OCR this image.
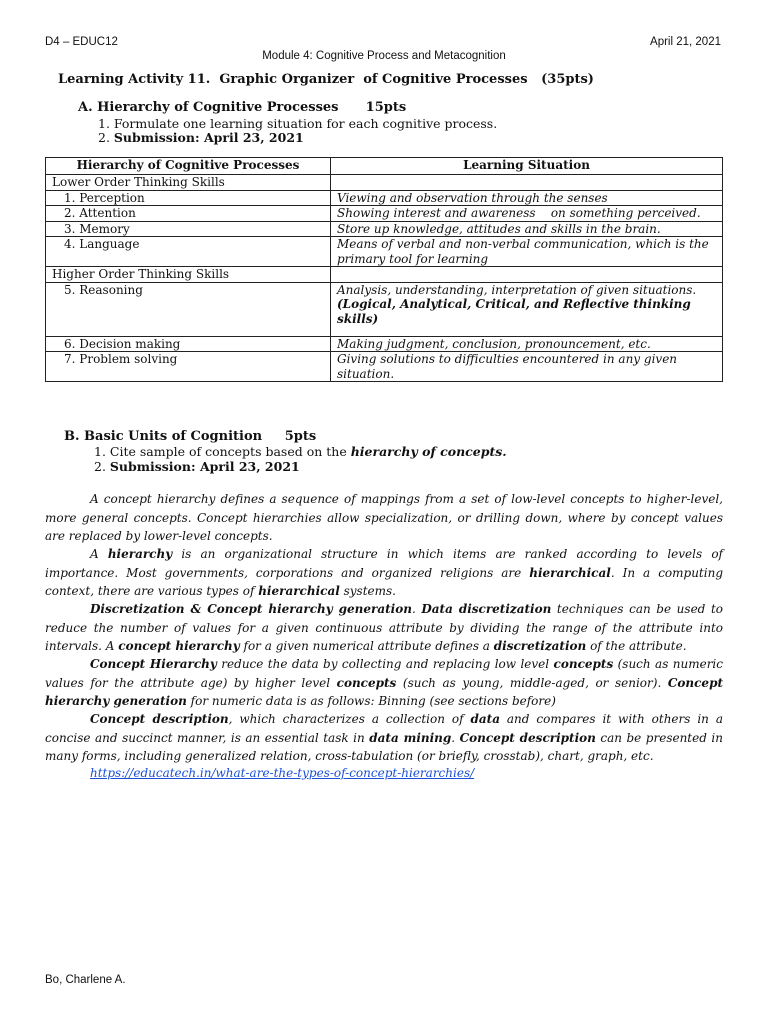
D4 – EDUC12
Module 4: Cognitive Process and Metacognition
April 21, 2021
Learning Activity 11.  Graphic Organizer  of Cognitive Processes   (35pts)
A. Hierarchy of Cognitive Processes      15pts
1. Formulate one learning situation for each cognitive process.
2. Submission: April 23, 2021
Hierarchy of Cognitive Processes	Learning Situation
Lower Order Thinking Skills	
1. Perception	Viewing and observation through the senses
2. Attention	Showing interest and awareness    on something perceived.
3. Memory	Store up knowledge, attitudes and skills in the brain.
4. Language	Means of verbal and non-verbal communication, which is the primary tool for learning
Higher Order Thinking Skills	
5. Reasoning	Analysis, understanding, interpretation of given situations. (Logical, Analytical, Critical, and Reflective thinking skills)
6. Decision making	Making judgment, conclusion, pronouncement, etc.
7. Problem solving	Giving solutions to difficulties encountered in any given situation.
B. Basic Units of Cognition     5pts
1. Cite sample of concepts based on the hierarchy of concepts.
2. Submission: April 23, 2021
A concept hierarchy defines a sequence of mappings from a set of low-level concepts to higher-level, more general concepts. Concept hierarchies allow specialization, or drilling down, where by concept values are replaced by lower-level concepts.
A hierarchy is an organizational structure in which items are ranked according to levels of importance. Most governments, corporations and organized religions are hierarchical. In a computing context, there are various types of hierarchical systems.
Discretization & Concept hierarchy generation. Data discretization techniques can be used to reduce the number of values for a given continuous attribute by dividing the range of the attribute into intervals. A concept hierarchy for a given numerical attribute defines a discretization of the attribute.
Concept Hierarchy reduce the data by collecting and replacing low level concepts (such as numeric values for the attribute age) by higher level concepts (such as young, middle-aged, or senior). Concept hierarchy generation for numeric data is as follows: Binning (see sections before)
Concept description, which characterizes a collection of data and compares it with others in a concise and succinct manner, is an essential task in data mining. Concept description can be presented in many forms, including generalized relation, cross-tabulation (or briefly, crosstab), chart, graph, etc.
https://educatech.in/what-are-the-types-of-concept-hierarchies/
Bo, Charlene A.
